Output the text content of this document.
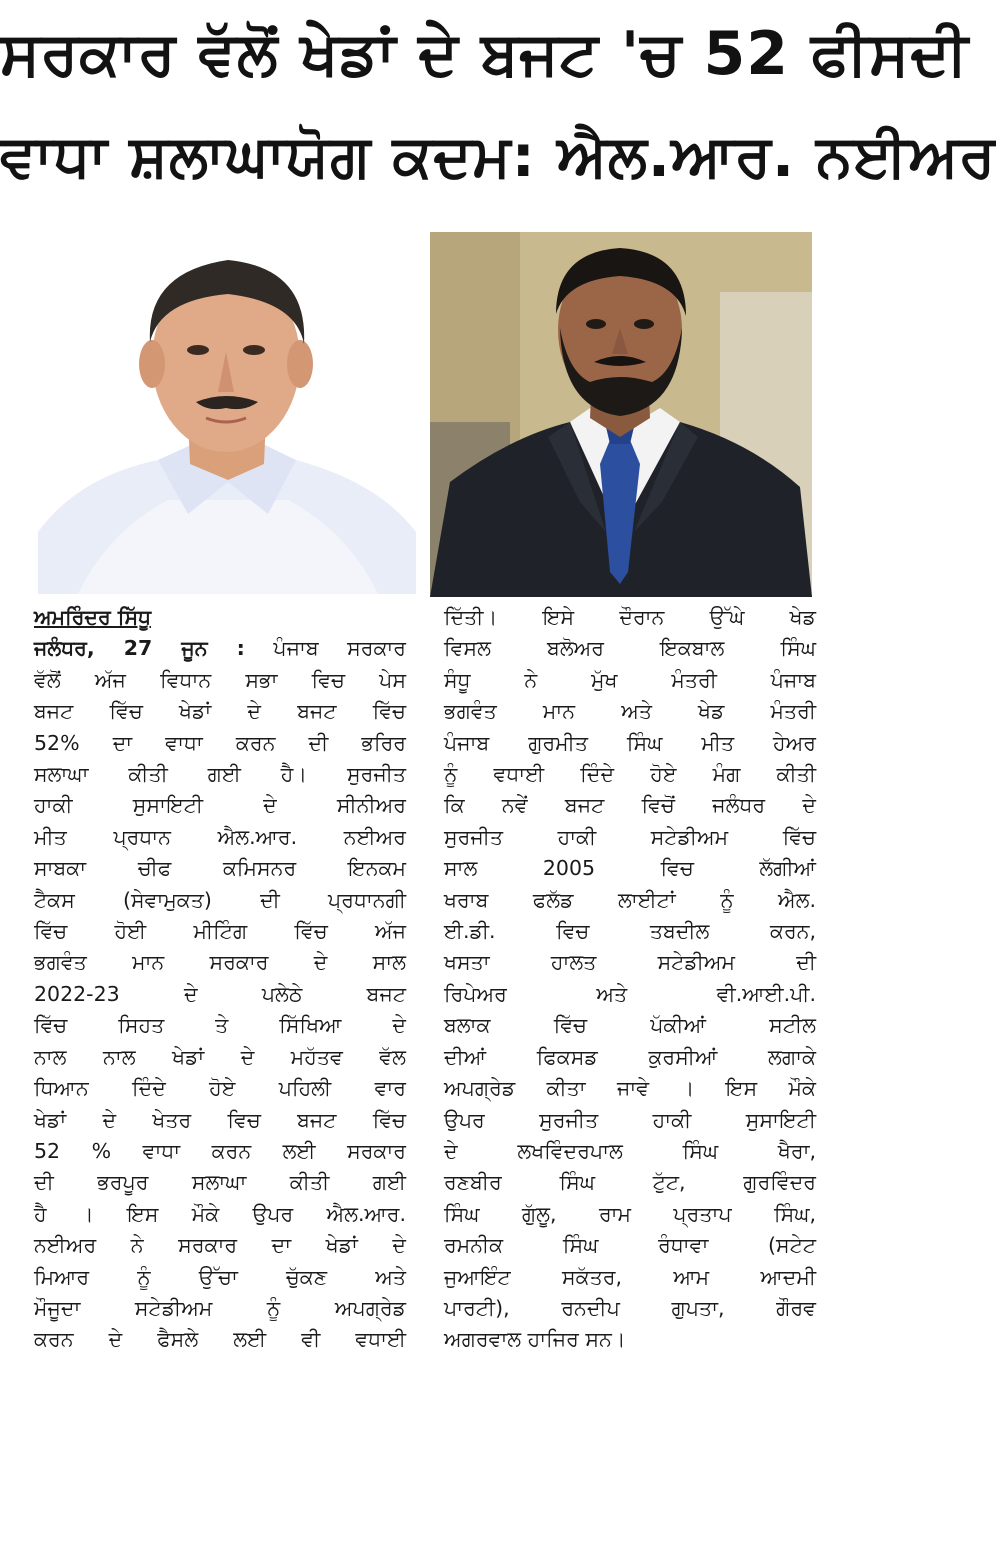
ਸਰਕਾਰ ਵੱਲੋਂ ਖੇਡਾਂ ਦੇ ਬਜਟ 'ਚ 52 ਫੀਸਦੀ
ਵਾਧਾ ਸ਼ਲਾਘਾਯੋਗ ਕਦਮ: ਐਲ.ਆਰ. ਨਈਅਰ

ਅਮਰਿੰਦਰ ਸਿੱਧੂ

ਜਲੰਧਰ, 27 ਜੂਨ : ਪੰਜਾਬ ਸਰਕਾਰ

ਵੱਲੋਂ ਅੱਜ ਵਿਧਾਨ ਸਭਾ ਵਿਚ ਪੇਸ

ਬਜਟ ਵਿੱਚ ਖੇਡਾਂ ਦੇ ਬਜਟ ਵਿੱਚ

52% ਦਾ ਵਾਧਾ ਕਰਨ ਦੀ ਭਰਿਰ

ਸਲਾਘਾ ਕੀਤੀ ਗਈ ਹੈ। ਸੁਰਜੀਤ

ਹਾਕੀ ਸੁਸਾਇਟੀ ਦੇ ਸੀਨੀਅਰ

ਮੀਤ ਪ੍ਰਧਾਨ ਐਲ.ਆਰ. ਨਈਅਰ

ਸਾਬਕਾ ਚੀਫ ਕਮਿਸਨਰ ਇਨਕਮ

ਟੈਕਸ (ਸੇਵਾਮੁਕਤ) ਦੀ ਪ੍ਰਧਾਨਗੀ

ਵਿੱਚ ਹੋਈ ਮੀਟਿੰਗ ਵਿੱਚ ਅੱਜ

ਭਗਵੰਤ ਮਾਨ ਸਰਕਾਰ ਦੇ ਸਾਲ

2022-23 ਦੇ ਪਲੇਠੇ ਬਜਟ

ਵਿੱਚ ਸਿਹਤ ਤੇ ਸਿੱਖਿਆ ਦੇ

ਨਾਲ ਨਾਲ ਖੇਡਾਂ ਦੇ ਮਹੱਤਵ ਵੱਲ

ਧਿਆਨ ਦਿੰਦੇ ਹੋਏ ਪਹਿਲੀ ਵਾਰ

ਖੇਡਾਂ ਦੇ ਖੇਤਰ ਵਿਚ ਬਜਟ ਵਿੱਚ

52 % ਵਾਧਾ ਕਰਨ ਲਈ ਸਰਕਾਰ

ਦੀ ਭਰਪੂਰ ਸਲਾਘਾ ਕੀਤੀ ਗਈ

ਹੈ । ਇਸ ਮੌਕੇ ਉਪਰ ਐਲ.ਆਰ.

ਨਈਅਰ ਨੇ ਸਰਕਾਰ ਦਾ ਖੇਡਾਂ ਦੇ

ਮਿਆਰ ਨੂੰ ਉੱਚਾ ਚੁੱਕਣ ਅਤੇ

ਮੌਜੂਦਾ ਸਟੇਡੀਅਮ ਨੂੰ ਅਪਗ੍ਰੇਡ

ਕਰਨ ਦੇ ਫੈਸਲੇ ਲਈ ਵੀ ਵਧਾਈ

ਦਿੱਤੀ। ਇਸੇ ਦੌਰਾਨ ਉੱਘੇ ਖੇਡ

ਵਿਸਲ ਬਲੋਅਰ ਇਕਬਾਲ ਸਿੰਘ

ਸੰਧੂ ਨੇ ਮੁੱਖ ਮੰਤਰੀ ਪੰਜਾਬ

ਭਗਵੰਤ ਮਾਨ ਅਤੇ ਖੇਡ ਮੰਤਰੀ

ਪੰਜਾਬ ਗੁਰਮੀਤ ਸਿੰਘ ਮੀਤ ਹੇਅਰ

ਨੂੰ ਵਧਾਈ ਦਿੰਦੇ ਹੋਏ ਮੰਗ ਕੀਤੀ

ਕਿ ਨਵੇਂ ਬਜਟ ਵਿਚੋਂ ਜਲੰਧਰ ਦੇ

ਸੁਰਜੀਤ ਹਾਕੀ ਸਟੇਡੀਅਮ ਵਿੱਚ

ਸਾਲ 2005 ਵਿਚ ਲੱਗੀਆਂ

ਖਰਾਬ ਫਲੱਡ ਲਾਈਟਾਂ ਨੂੰ ਐਲ.

ਈ.ਡੀ. ਵਿਚ ਤਬਦੀਲ ਕਰਨ,

ਖਸਤਾ ਹਾਲਤ ਸਟੇਡੀਅਮ ਦੀ

ਰਿਪੇਅਰ ਅਤੇ ਵੀ.ਆਈ.ਪੀ.

ਬਲਾਕ ਵਿੱਚ ਪੱਕੀਆਂ ਸਟੀਲ

ਦੀਆਂ ਫਿਕਸਡ ਕੁਰਸੀਆਂ ਲਗਾਕੇ

ਅਪਗ੍ਰੇਡ ਕੀਤਾ ਜਾਵੇ । ਇਸ ਮੌਕੇ

ਉਪਰ ਸੁਰਜੀਤ ਹਾਕੀ ਸੁਸਾਇਟੀ

ਦੇ ਲਖਵਿੰਦਰਪਾਲ ਸਿੰਘ ਖੈਰਾ,

ਰਣਬੀਰ ਸਿੰਘ ਟੁੱਟ, ਗੁਰਵਿੰਦਰ

ਸਿੰਘ ਗੁੱਲੂ, ਰਾਮ ਪ੍ਰਤਾਪ ਸਿੰਘ,

ਰਮਨੀਕ ਸਿੰਘ ਰੰਧਾਵਾ (ਸਟੇਟ

ਜੁਆਇੰਟ ਸਕੱਤਰ, ਆਮ ਆਦਮੀ

ਪਾਰਟੀ), ਰਨਦੀਪ ਗੁਪਤਾ, ਗੌਰਵ

ਅਗਰਵਾਲ ਹਾਜਿਰ ਸਨ।
